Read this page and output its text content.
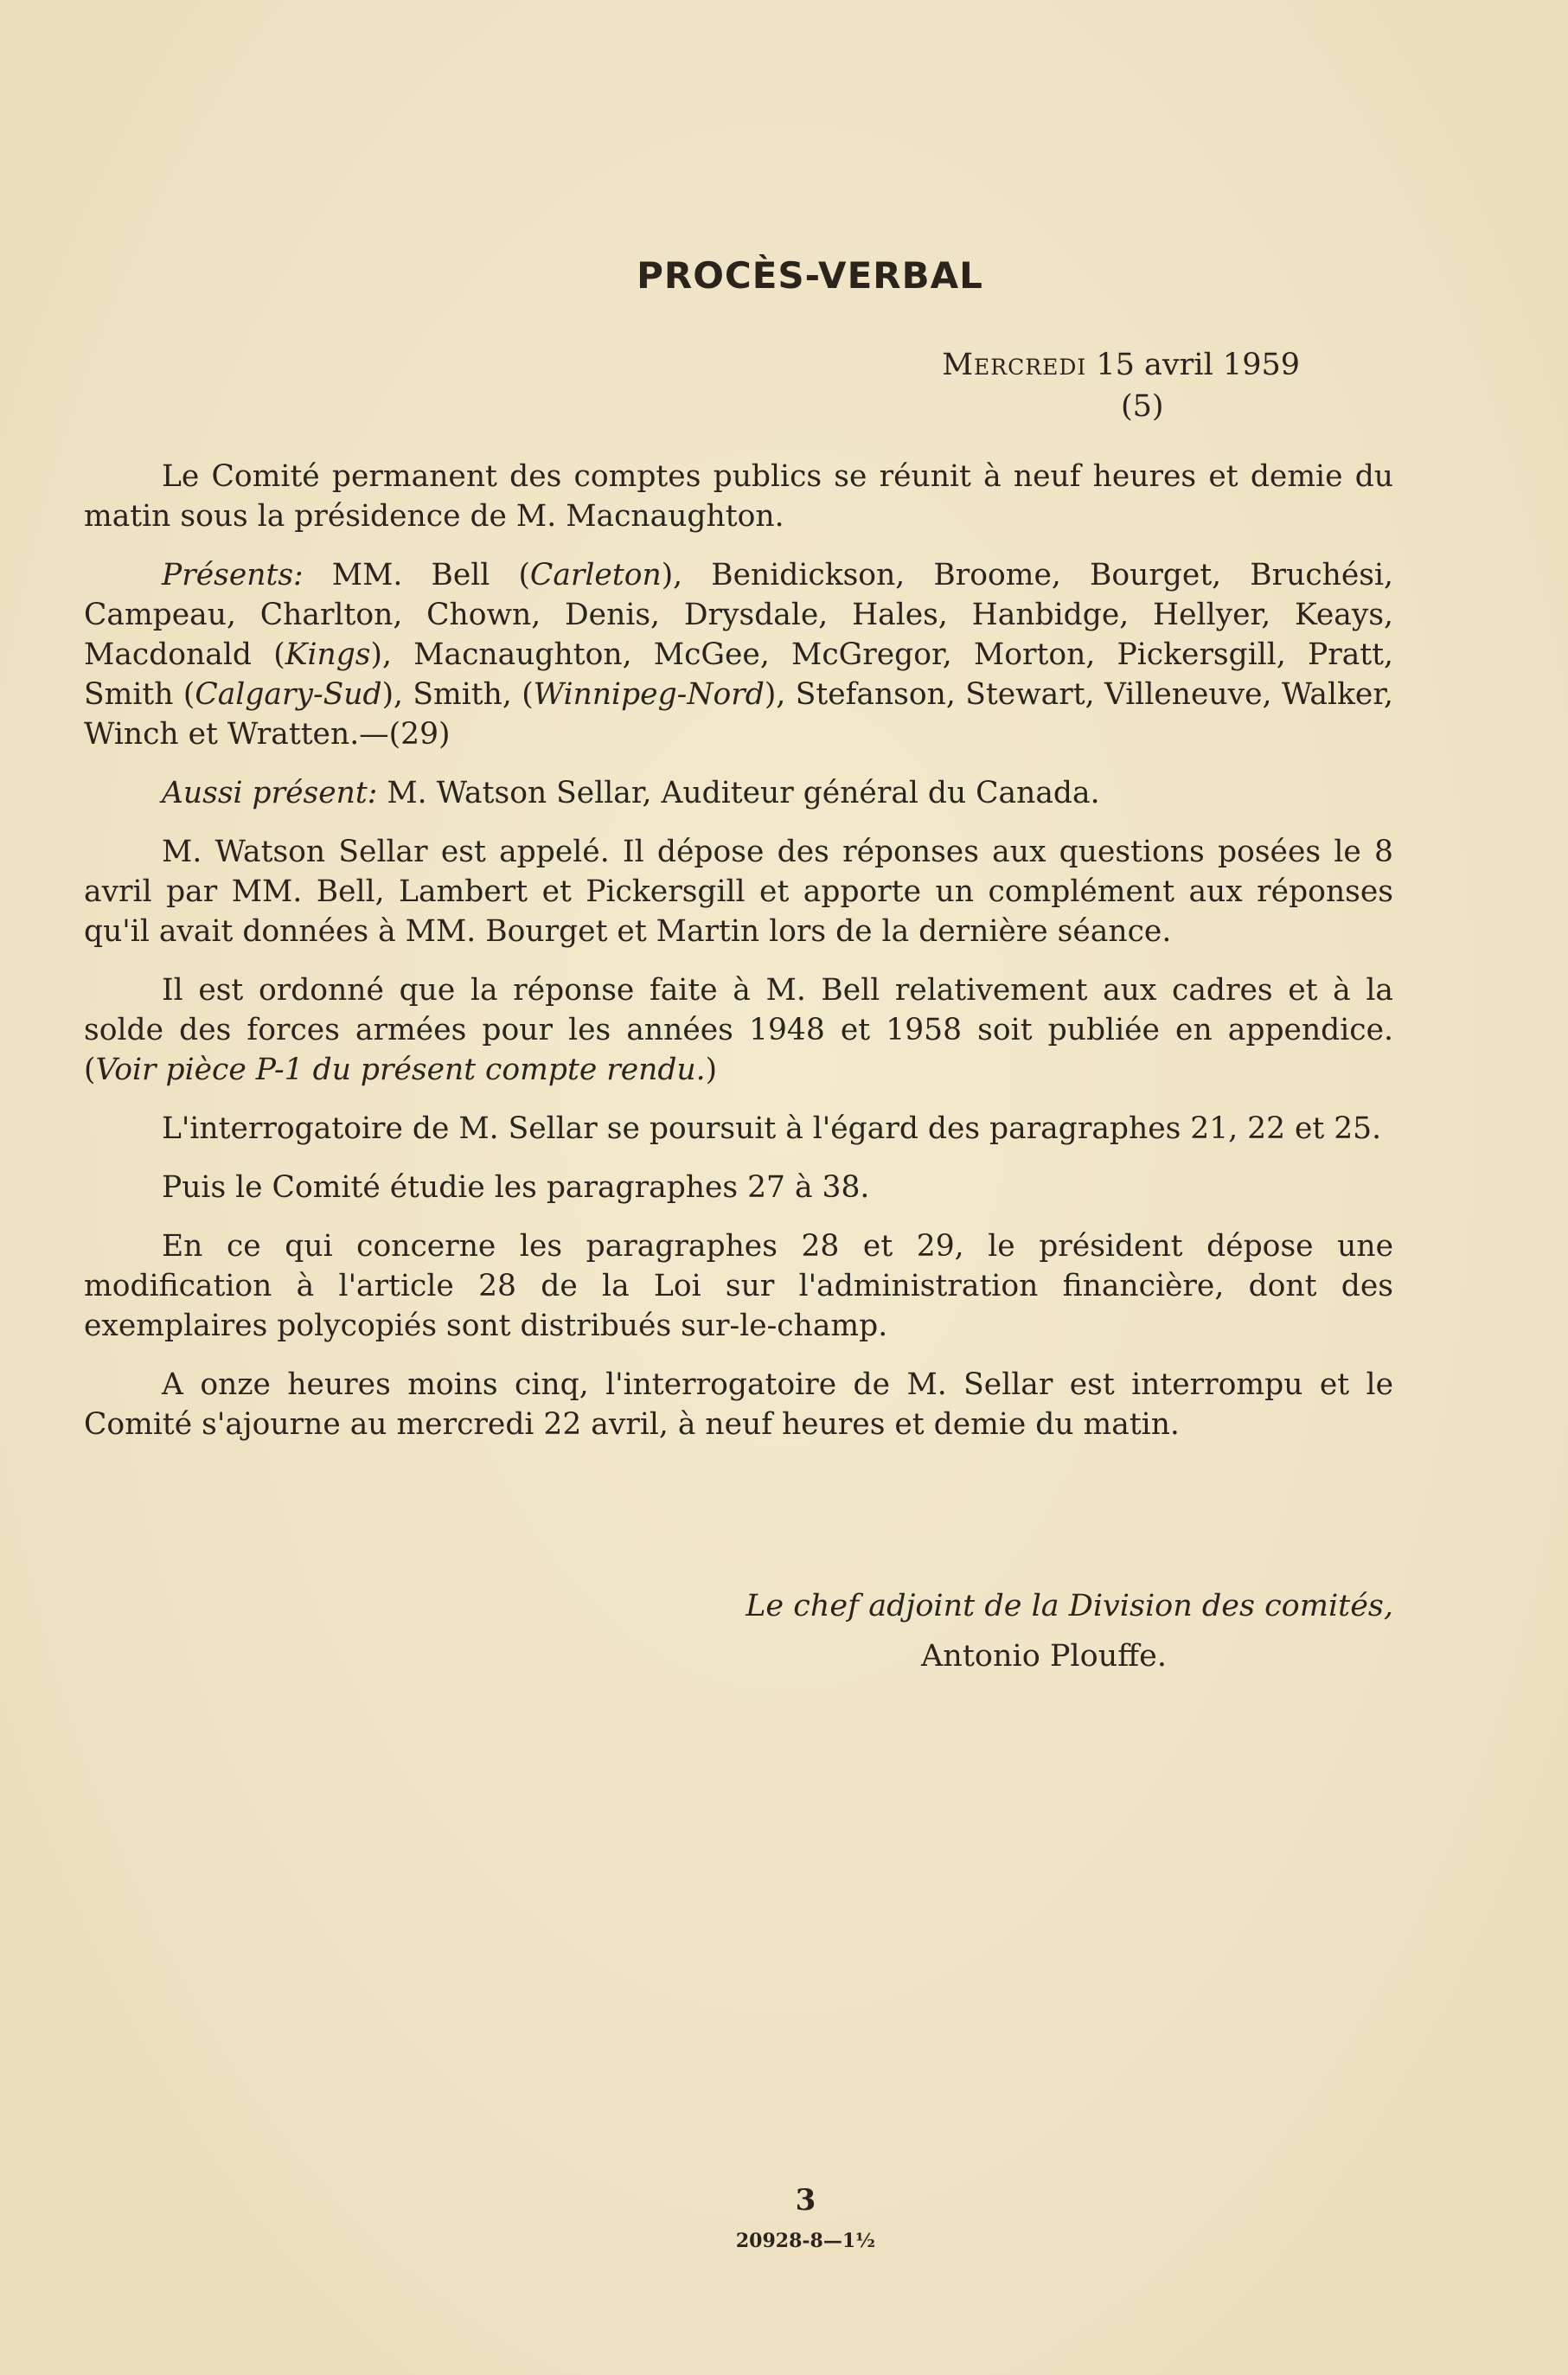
PROCÈS-VERBAL
Mercredi 15 avril 1959
(5)

Le Comité permanent des comptes publics se réunit à neuf heures et demie du matin sous la présidence de M. Macnaughton.

Présents: MM. Bell (Carleton), Benidickson, Broome, Bourget, Bruchési, Campeau, Charlton, Chown, Denis, Drysdale, Hales, Hanbidge, Hellyer, Keays, Macdonald (Kings), Macnaughton, McGee, McGregor, Morton, Pickersgill, Pratt, Smith (Calgary-Sud), Smith, (Winnipeg-Nord), Stefanson, Stewart, Villeneuve, Walker, Winch et Wratten.—(29)

Aussi présent: M. Watson Sellar, Auditeur général du Canada.

M. Watson Sellar est appelé. Il dépose des réponses aux questions posées le 8 avril par MM. Bell, Lambert et Pickersgill et apporte un complément aux réponses qu'il avait données à MM. Bourget et Martin lors de la dernière séance.

Il est ordonné que la réponse faite à M. Bell relativement aux cadres et à la solde des forces armées pour les années 1948 et 1958 soit publiée en appendice. (Voir pièce P-1 du présent compte rendu.)

L'interrogatoire de M. Sellar se poursuit à l'égard des paragraphes 21, 22 et 25.

Puis le Comité étudie les paragraphes 27 à 38.

En ce qui concerne les paragraphes 28 et 29, le président dépose une modification à l'article 28 de la Loi sur l'administration financière, dont des exemplaires polycopiés sont distribués sur-le-champ.

A onze heures moins cinq, l'interrogatoire de M. Sellar est interrompu et le Comité s'ajourne au mercredi 22 avril, à neuf heures et demie du matin.

Le chef adjoint de la Division des comités,
Antonio Plouffe.
3
20928-8—1½
